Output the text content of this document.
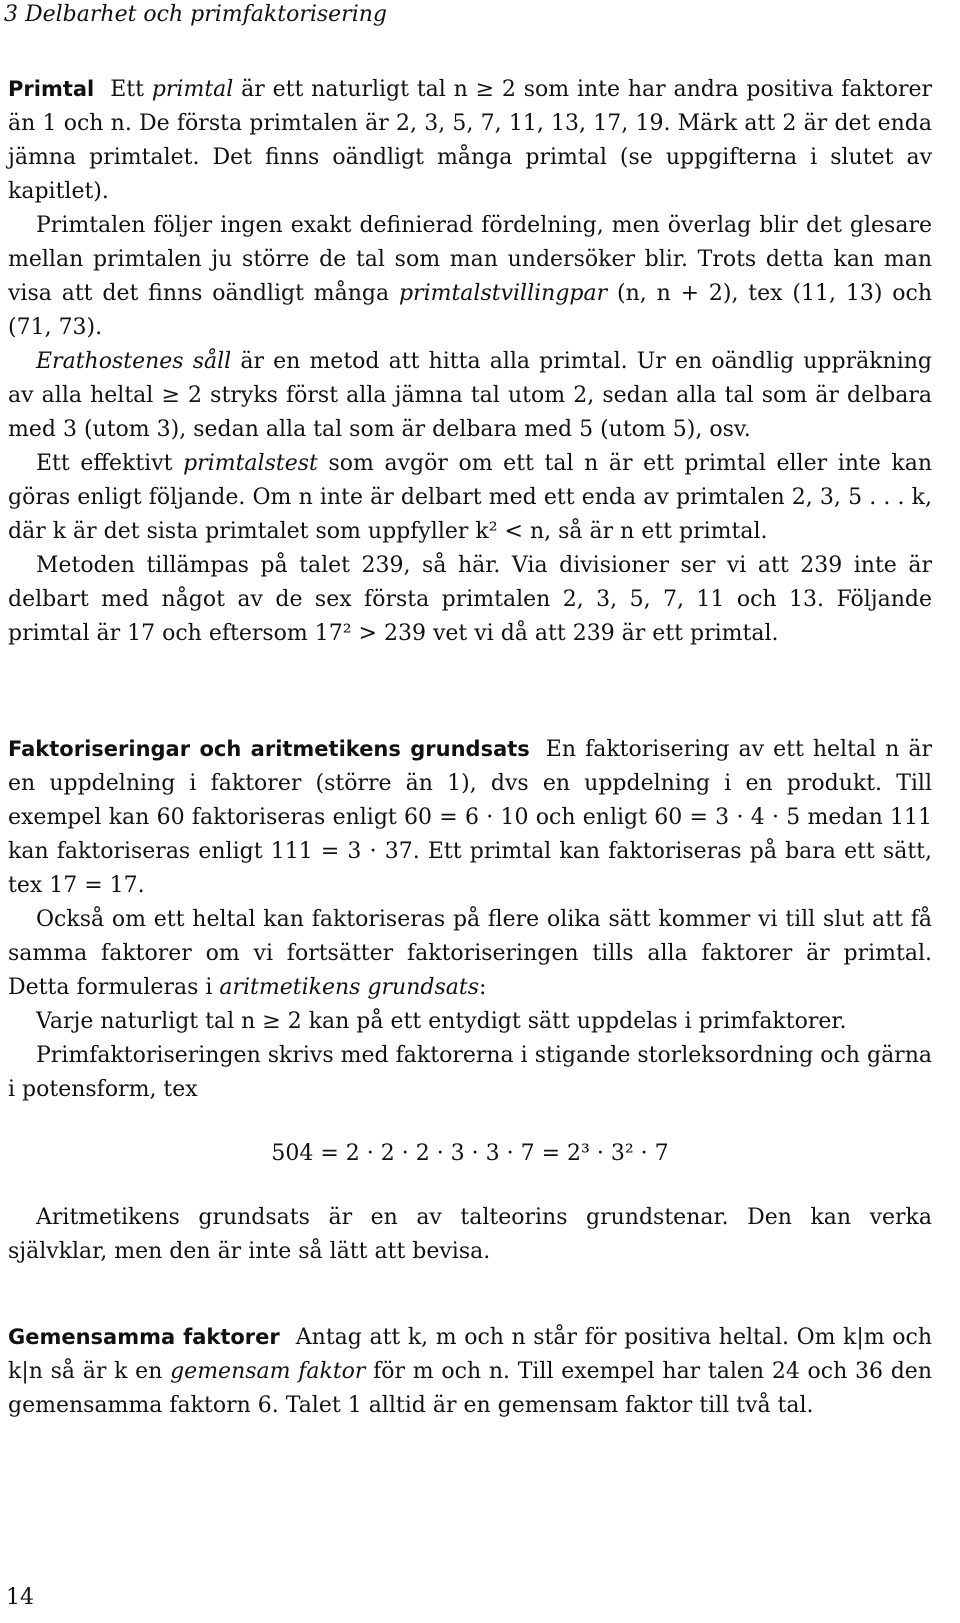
3 Delbarhet och primfaktorisering

Primtal Ett primtal är ett naturligt tal n ≥ 2 som inte har andra positiva faktorer än 1 och n. De första primtalen är 2, 3, 5, 7, 11, 13, 17, 19. Märk att 2 är det enda jämna primtalet. Det finns oändligt många primtal (se uppgifterna i slutet av kapitlet).

Primtalen följer ingen exakt definierad fördelning, men överlag blir det glesare mellan primtalen ju större de tal som man undersöker blir. Trots detta kan man visa att det finns oändligt många primtalstvillingpar (n, n + 2), tex (11, 13) och (71, 73).

Erathostenes såll är en metod att hitta alla primtal. Ur en oändlig uppräkning av alla heltal ≥ 2 stryks först alla jämna tal utom 2, sedan alla tal som är delbara med 3 (utom 3), sedan alla tal som är delbara med 5 (utom 5), osv.

Ett effektivt primtalstest som avgör om ett tal n är ett primtal eller inte kan göras enligt följande. Om n inte är delbart med ett enda av primtalen 2, 3, 5 . . . k, där k är det sista primtalet som uppfyller k² < n, så är n ett primtal.

Metoden tillämpas på talet 239, så här. Via divisioner ser vi att 239 inte är delbart med något av de sex första primtalen 2, 3, 5, 7, 11 och 13. Följande primtal är 17 och eftersom 17² > 239 vet vi då att 239 är ett primtal.

Faktoriseringar och aritmetikens grundsats En faktorisering av ett heltal n är en uppdelning i faktorer (större än 1), dvs en uppdelning i en produkt. Till exempel kan 60 faktoriseras enligt 60 = 6 · 10 och enligt 60 = 3 · 4 · 5 medan 111 kan faktoriseras enligt 111 = 3 · 37. Ett primtal kan faktoriseras på bara ett sätt, tex 17 = 17.

Också om ett heltal kan faktoriseras på flere olika sätt kommer vi till slut att få samma faktorer om vi fortsätter faktoriseringen tills alla faktorer är primtal. Detta formuleras i aritmetikens grundsats:

Varje naturligt tal n ≥ 2 kan på ett entydigt sätt uppdelas i primfaktorer.

Primfaktoriseringen skrivs med faktorerna i stigande storleksordning och gärna i potensform, tex

504 = 2 · 2 · 2 · 3 · 3 · 7 = 2³ · 3² · 7

Aritmetikens grundsats är en av talteorins grundstenar. Den kan verka självklar, men den är inte så lätt att bevisa.

Gemensamma faktorer Antag att k, m och n står för positiva heltal. Om k|m och k|n så är k en gemensam faktor för m och n. Till exempel har talen 24 och 36 den gemensamma faktorn 6. Talet 1 alltid är en gemensam faktor till två tal.

14
